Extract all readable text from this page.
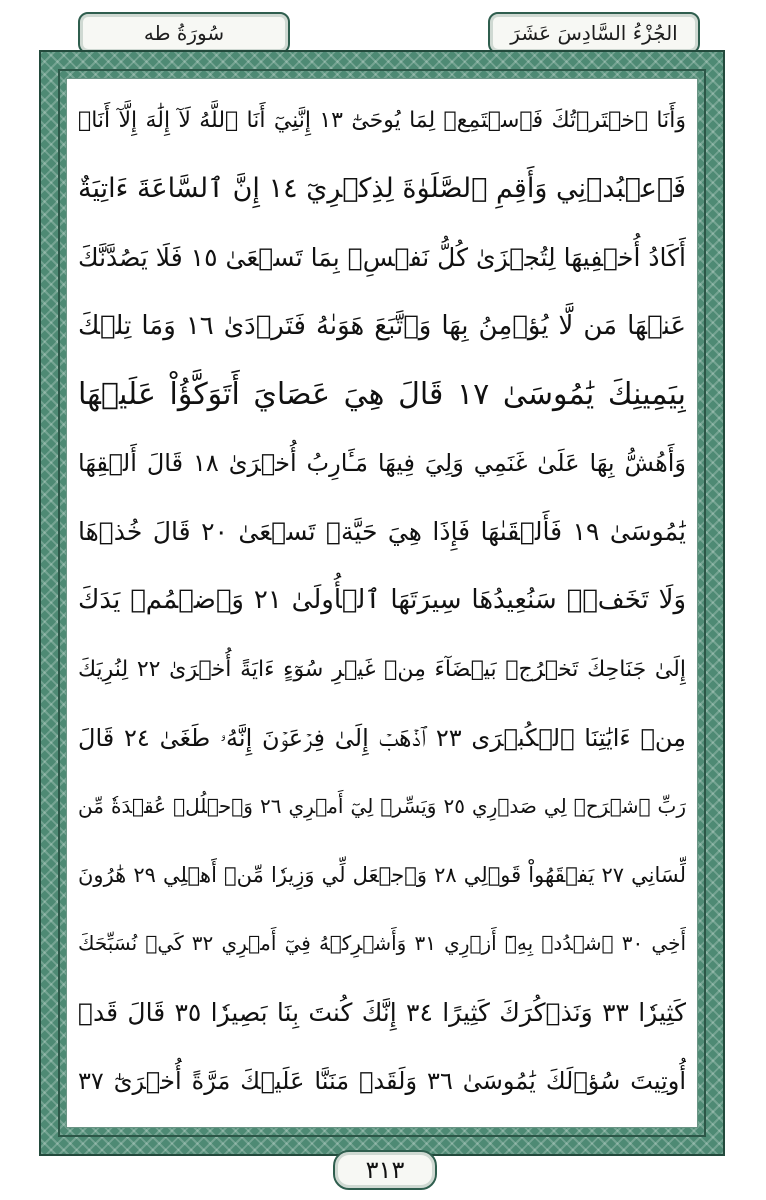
سُورَةُ طه	الجُزْءُ السَّادِسَ عَشَرَ
وَأَنَا ٱخۡتَرۡتُكَ فَٱسۡتَمِعۡ لِمَا يُوحَىٰٓ ١٣ إِنَّنِيٓ أَنَا ٱللَّهُ لَآ إِلَٰهَ إِلَّآ أَنَا۠
فَٱعۡبُدۡنِي وَأَقِمِ ٱلصَّلَوٰةَ لِذِكۡرِيٓ ١٤ إِنَّ ٱلسَّاعَةَ ءَاتِيَةٌ
أَكَادُ أُخۡفِيهَا لِتُجۡزَىٰ كُلُّ نَفۡسِۭ بِمَا تَسۡعَىٰ ١٥ فَلَا يَصُدَّنَّكَ
عَنۡهَا مَن لَّا يُؤۡمِنُ بِهَا وَٱتَّبَعَ هَوَىٰهُ فَتَرۡدَىٰ ١٦ وَمَا تِلۡكَ
بِيَمِينِكَ يَٰمُوسَىٰ ١٧ قَالَ هِيَ عَصَايَ أَتَوَكَّؤُاْ عَلَيۡهَا
وَأَهُشُّ بِهَا عَلَىٰ غَنَمِي وَلِيَ فِيهَا مَـَٔارِبُ أُخۡرَىٰ ١٨ قَالَ أَلۡقِهَا
يَٰمُوسَىٰ ١٩ فَأَلۡقَىٰهَا فَإِذَا هِيَ حَيَّةٞ تَسۡعَىٰ ٢٠ قَالَ خُذۡهَا
وَلَا تَخَفۡۖ سَنُعِيدُهَا سِيرَتَهَا ٱلۡأُولَىٰ ٢١ وَٱضۡمُمۡ يَدَكَ
إِلَىٰ جَنَاحِكَ تَخۡرُجۡ بَيۡضَآءَ مِنۡ غَيۡرِ سُوٓءٍ ءَايَةً أُخۡرَىٰ ٢٢ لِنُرِيَكَ
مِنۡ ءَايَٰتِنَا ٱلۡكُبۡرَى ٢٣ ٱذۡهَبۡ إِلَىٰ فِرۡعَوۡنَ إِنَّهُۥ طَغَىٰ ٢٤ قَالَ
رَبِّ ٱشۡرَحۡ لِي صَدۡرِي ٢٥ وَيَسِّرۡ لِيٓ أَمۡرِي ٢٦ وَٱحۡلُلۡ عُقۡدَةٗ مِّن
لِّسَانِي ٢٧ يَفۡقَهُواْ قَوۡلِي ٢٨ وَٱجۡعَل لِّي وَزِيرٗا مِّنۡ أَهۡلِي ٢٩ هَٰرُونَ
أَخِي ٣٠ ٱشۡدُدۡ بِهِۦٓ أَزۡرِي ٣١ وَأَشۡرِكۡهُ فِيٓ أَمۡرِي ٣٢ كَيۡ نُسَبِّحَكَ
كَثِيرٗا ٣٣ وَنَذۡكُرَكَ كَثِيرًا ٣٤ إِنَّكَ كُنتَ بِنَا بَصِيرٗا ٣٥ قَالَ قَدۡ
أُوتِيتَ سُؤۡلَكَ يَٰمُوسَىٰ ٣٦ وَلَقَدۡ مَنَنَّا عَلَيۡكَ مَرَّةً أُخۡرَىٰٓ ٣٧
٣١٣
